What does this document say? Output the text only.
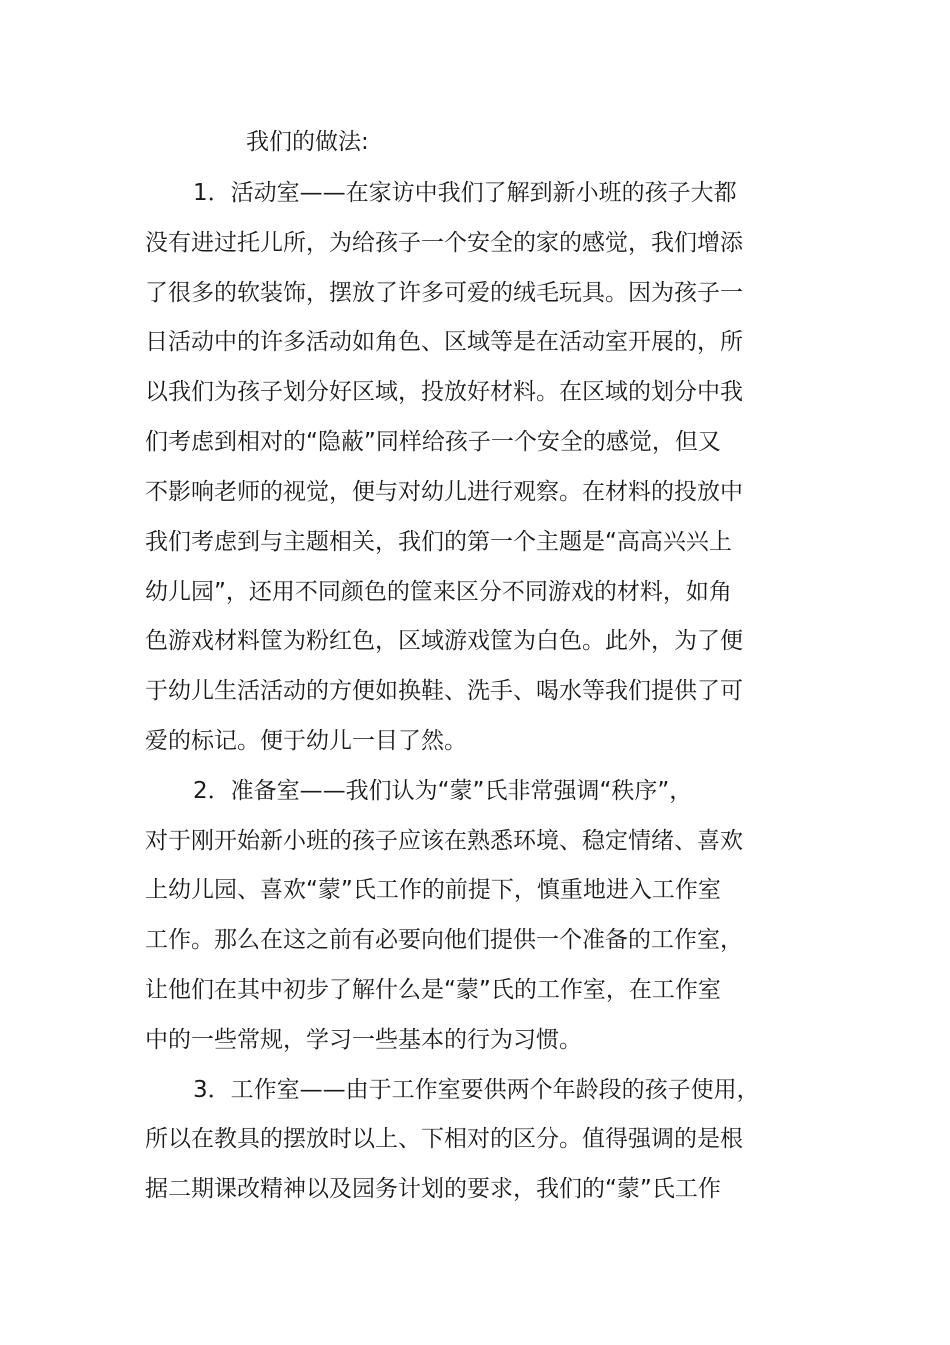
我们的做法:
1．活动室——在家访中我们了解到新小班的孩子大都
没有进过托儿所，为给孩子一个安全的家的感觉，我们增添
了很多的软装饰，摆放了许多可爱的绒毛玩具。因为孩子一
日活动中的许多活动如角色、区域等是在活动室开展的，所
以我们为孩子划分好区域，投放好材料。在区域的划分中我
们考虑到相对的“隐蔽”同样给孩子一个安全的感觉，但又
不影响老师的视觉，便与对幼儿进行观察。在材料的投放中
我们考虑到与主题相关，我们的第一个主题是“高高兴兴上
幼儿园”，还用不同颜色的筐来区分不同游戏的材料，如角
色游戏材料筐为粉红色，区域游戏筐为白色。此外，为了便
于幼儿生活活动的方便如换鞋、洗手、喝水等我们提供了可
爱的标记。便于幼儿一目了然。
2．准备室——我们认为“蒙”氏非常强调“秩序”，
对于刚开始新小班的孩子应该在熟悉环境、稳定情绪、喜欢
上幼儿园、喜欢“蒙”氏工作的前提下，慎重地进入工作室
工作。那么在这之前有必要向他们提供一个准备的工作室，
让他们在其中初步了解什么是“蒙”氏的工作室，在工作室
中的一些常规，学习一些基本的行为习惯。
3．工作室——由于工作室要供两个年龄段的孩子使用，
所以在教具的摆放时以上、下相对的区分。值得强调的是根
据二期课改精神以及园务计划的要求，我们的“蒙”氏工作
